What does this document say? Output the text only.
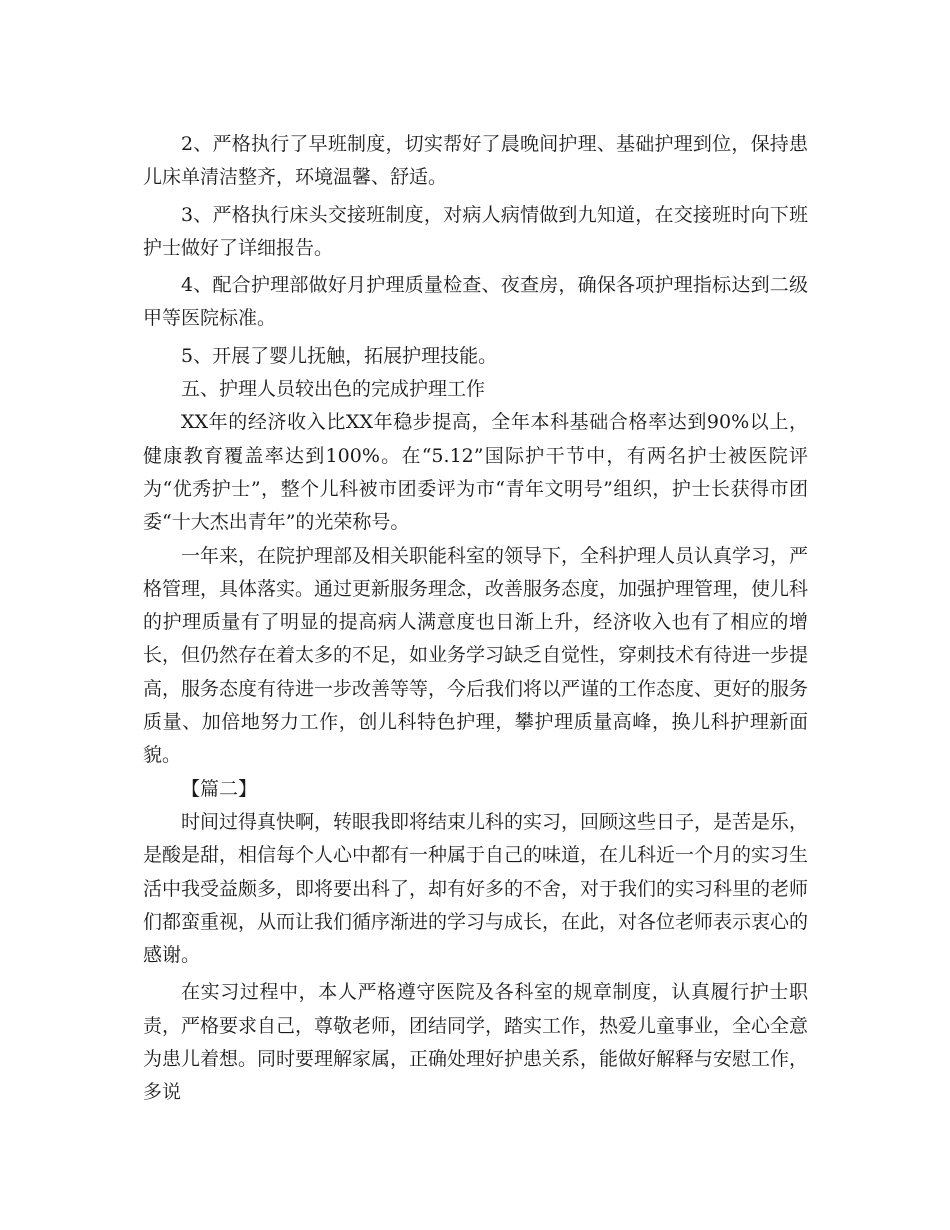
2、严格执行了早班制度，切实帮好了晨晚间护理、基础护理到位，保持患儿床单清洁整齐，环境温馨、舒适。

3、严格执行床头交接班制度，对病人病情做到九知道，在交接班时向下班护士做好了详细报告。

4、配合护理部做好月护理质量检查、夜查房，确保各项护理指标达到二级甲等医院标准。

5、开展了婴儿抚触，拓展护理技能。

五、护理人员较出色的完成护理工作

XX年的经济收入比XX年稳步提高，全年本科基础合格率达到90%以上，健康教育覆盖率达到100%。在“5.12”国际护干节中，有两名护士被医院评为“优秀护士”，整个儿科被市团委评为市“青年文明号”组织，护士长获得市团委“十大杰出青年”的光荣称号。

一年来，在院护理部及相关职能科室的领导下，全科护理人员认真学习，严格管理，具体落实。通过更新服务理念，改善服务态度，加强护理管理，使儿科的护理质量有了明显的提高病人满意度也日渐上升，经济收入也有了相应的增长，但仍然存在着太多的不足，如业务学习缺乏自觉性，穿刺技术有待进一步提高，服务态度有待进一步改善等等，今后我们将以严谨的工作态度、更好的服务质量、加倍地努力工作，创儿科特色护理，攀护理质量高峰，换儿科护理新面貌。

【篇二】

时间过得真快啊，转眼我即将结束儿科的实习，回顾这些日子，是苦是乐，是酸是甜，相信每个人心中都有一种属于自己的味道，在儿科近一个月的实习生活中我受益颇多，即将要出科了，却有好多的不舍，对于我们的实习科里的老师们都蛮重视，从而让我们循序渐进的学习与成长，在此，对各位老师表示衷心的感谢。

在实习过程中，本人严格遵守医院及各科室的规章制度，认真履行护士职责，严格要求自己，尊敬老师，团结同学，踏实工作，热爱儿童事业，全心全意为患儿着想。同时要理解家属，正确处理好护患关系，能做好解释与安慰工作，多说
